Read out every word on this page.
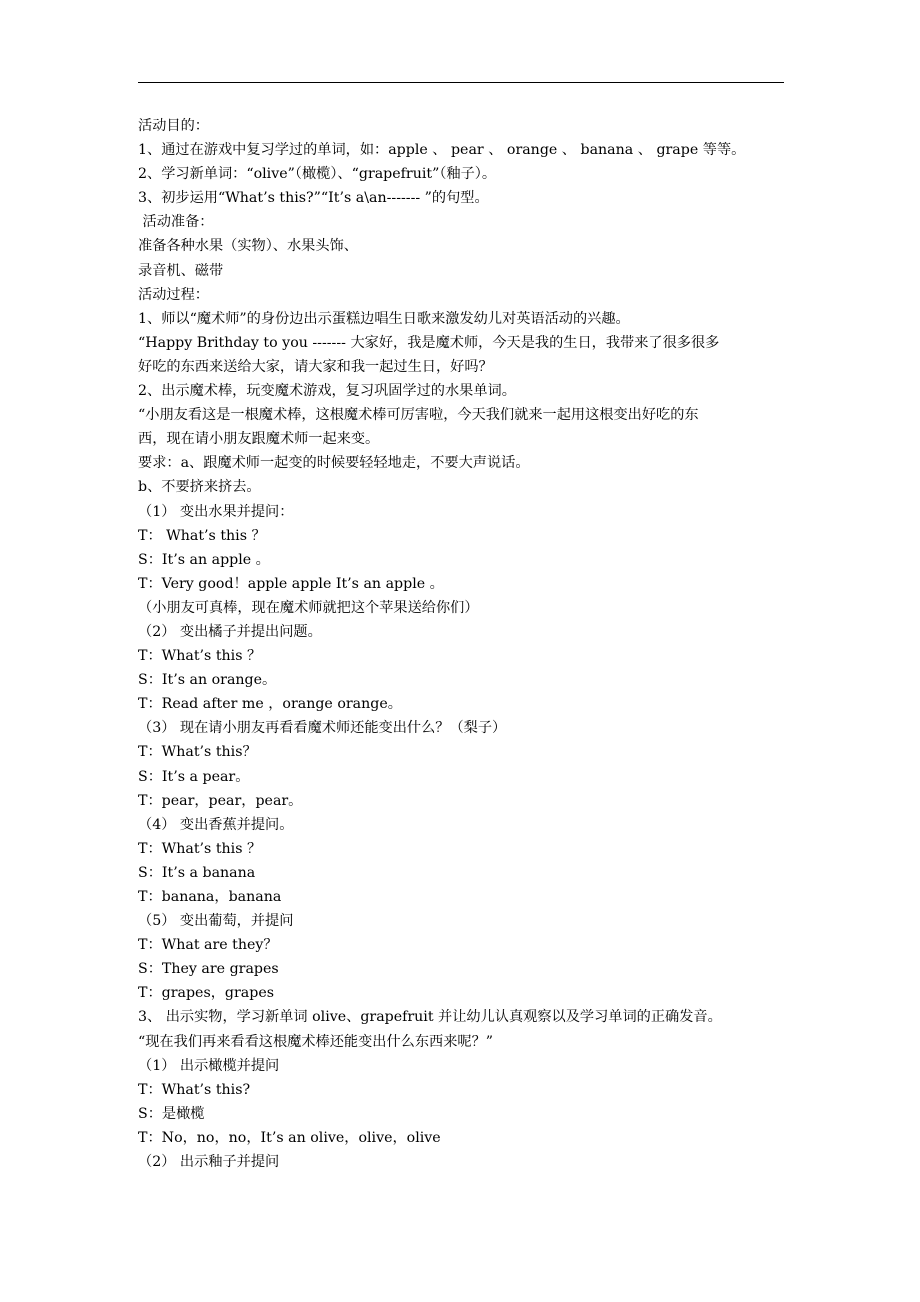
活动目的：
1、通过在游戏中复习学过的单词，如：apple 、 pear 、 orange 、 banana 、 grape 等等。
2、学习新单词：“olive”（橄榄）、“grapefruit”（釉子）。
3、初步运用“What’s this?”“It’s a\an------- ”的句型。
活动准备：
准备各种水果（实物）、水果头饰、
录音机、磁带
活动过程：
1、师以“魔术师”的身份边出示蛋糕边唱生日歌来激发幼儿对英语活动的兴趣。
“Happy Brithday to you ------- 大家好，我是魔术师，今天是我的生日，我带来了很多很多
好吃的东西来送给大家，请大家和我一起过生日，好吗？
2、出示魔术棒，玩变魔术游戏，复习巩固学过的水果单词。
“小朋友看这是一根魔术棒，这根魔术棒可厉害啦，今天我们就来一起用这根变出好吃的东
西，现在请小朋友跟魔术师一起来变。
要求：a、跟魔术师一起变的时候要轻轻地走，不要大声说话。
b、不要挤来挤去。
（1） 变出水果并提问：
T： What’s this ？
S：It’s an apple 。
T：Very good！apple apple It’s an apple 。
（小朋友可真棒，现在魔术师就把这个苹果送给你们）
（2） 变出橘子并提出问题。
T：What’s this ？
S：It’s an orange。
T：Read after me ，orange orange。
（3） 现在请小朋友再看看魔术师还能变出什么？（梨子）
T：What’s this？
S：It’s a pear。
T：pear，pear，pear。
（4） 变出香蕉并提问。
T：What’s this ？
S：It’s a banana
T：banana，banana
（5） 变出葡萄，并提问
T：What are they？
S：They are grapes
T：grapes，grapes
3、 出示实物，学习新单词 olive、grapefruit 并让幼儿认真观察以及学习单词的正确发音。
“现在我们再来看看这根魔术棒还能变出什么东西来呢？”
（1） 出示橄榄并提问
T：What’s this?
S：是橄榄
T：No，no，no，It’s an olive，olive，olive
（2） 出示釉子并提问
